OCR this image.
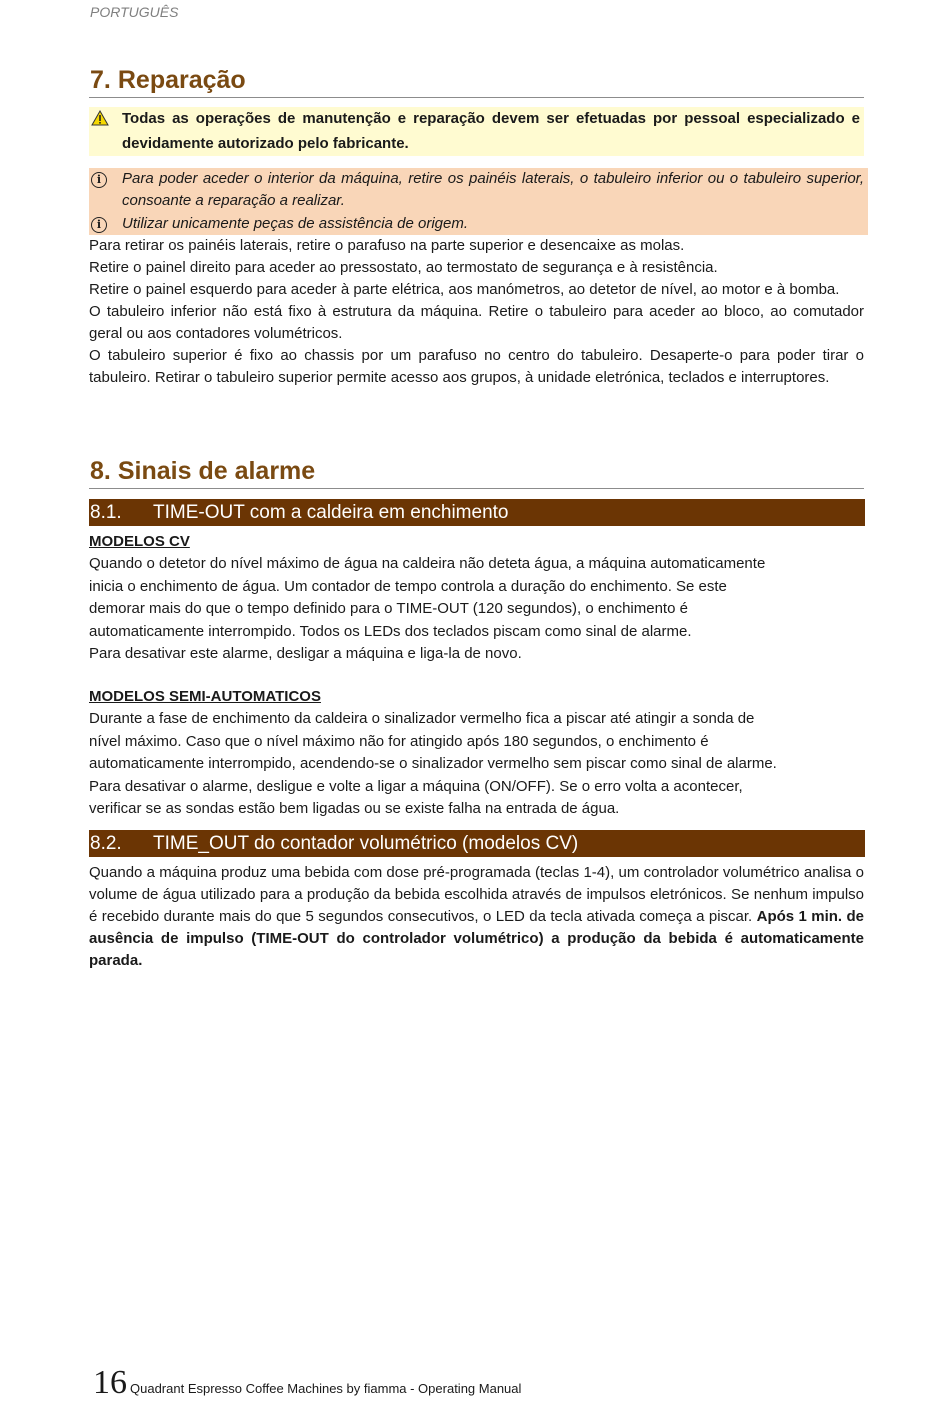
PORTUGUÊS
7. Reparação
Todas as operações de manutenção e reparação devem ser efetuadas por pessoal especializado e devidamente autorizado pelo fabricante.
i	Para poder aceder o interior da máquina, retire os painéis laterais, o tabuleiro inferior ou o tabuleiro superior, consoante a reparação a realizar.
i	Utilizar unicamente peças de assistência de origem.

Para retirar os painéis laterais, retire o parafuso na parte superior e desencaixe as molas.

Retire o painel direito para aceder ao pressostato, ao termostato de segurança e à resistência.

Retire o painel esquerdo para aceder à parte elétrica, aos manómetros, ao detetor de nível, ao motor e à bomba.

O tabuleiro inferior não está fixo à estrutura da máquina. Retire o tabuleiro para aceder ao bloco, ao comutador geral ou aos contadores volumétricos.

O tabuleiro superior é fixo ao chassis por um parafuso no centro do tabuleiro. Desaperte-o para poder tirar o tabuleiro. Retirar o tabuleiro superior permite acesso aos grupos, à unidade eletrónica, teclados e interruptores.

8. Sinais de alarme
8.1. TIME-OUT com a caldeira em enchimento

MODELOS CV

Quando o detetor do nível máximo de água na caldeira não deteta água, a máquina automaticamente

inicia o enchimento de água. Um contador de tempo controla a duração do enchimento. Se este

demorar mais do que o tempo definido para o TIME-OUT (120 segundos), o enchimento é

automaticamente interrompido. Todos os LEDs dos teclados piscam como sinal de alarme.

Para desativar este alarme, desligar a máquina e liga-la de novo.

MODELOS SEMI-AUTOMATICOS

Durante a fase de enchimento da caldeira o sinalizador vermelho fica a piscar até atingir a sonda de

nível máximo. Caso que o nível máximo não for atingido após 180 segundos, o enchimento é

automaticamente interrompido, acendendo-se o sinalizador vermelho sem piscar como sinal de alarme.

Para desativar o alarme, desligue e volte a ligar a máquina (ON/OFF). Se o erro volta a acontecer,

verificar se as sondas estão bem ligadas ou se existe falha na entrada de água.

8.2. TIME_OUT do contador volumétrico (modelos CV)

Quando a máquina produz uma bebida com dose pré-programada (teclas 1-4), um controlador volumétrico analisa o volume de água utilizado para a produção da bebida escolhida através de impulsos eletrónicos. Se nenhum impulso é recebido durante mais do que 5 segundos consecutivos, o LED da tecla ativada começa a piscar. Após 1 min. de ausência de impulso (TIME-OUT do controlador volumétrico) a produção da bebida é automaticamente parada.

16 Quadrant Espresso Coffee Machines by fiamma - Operating Manual
